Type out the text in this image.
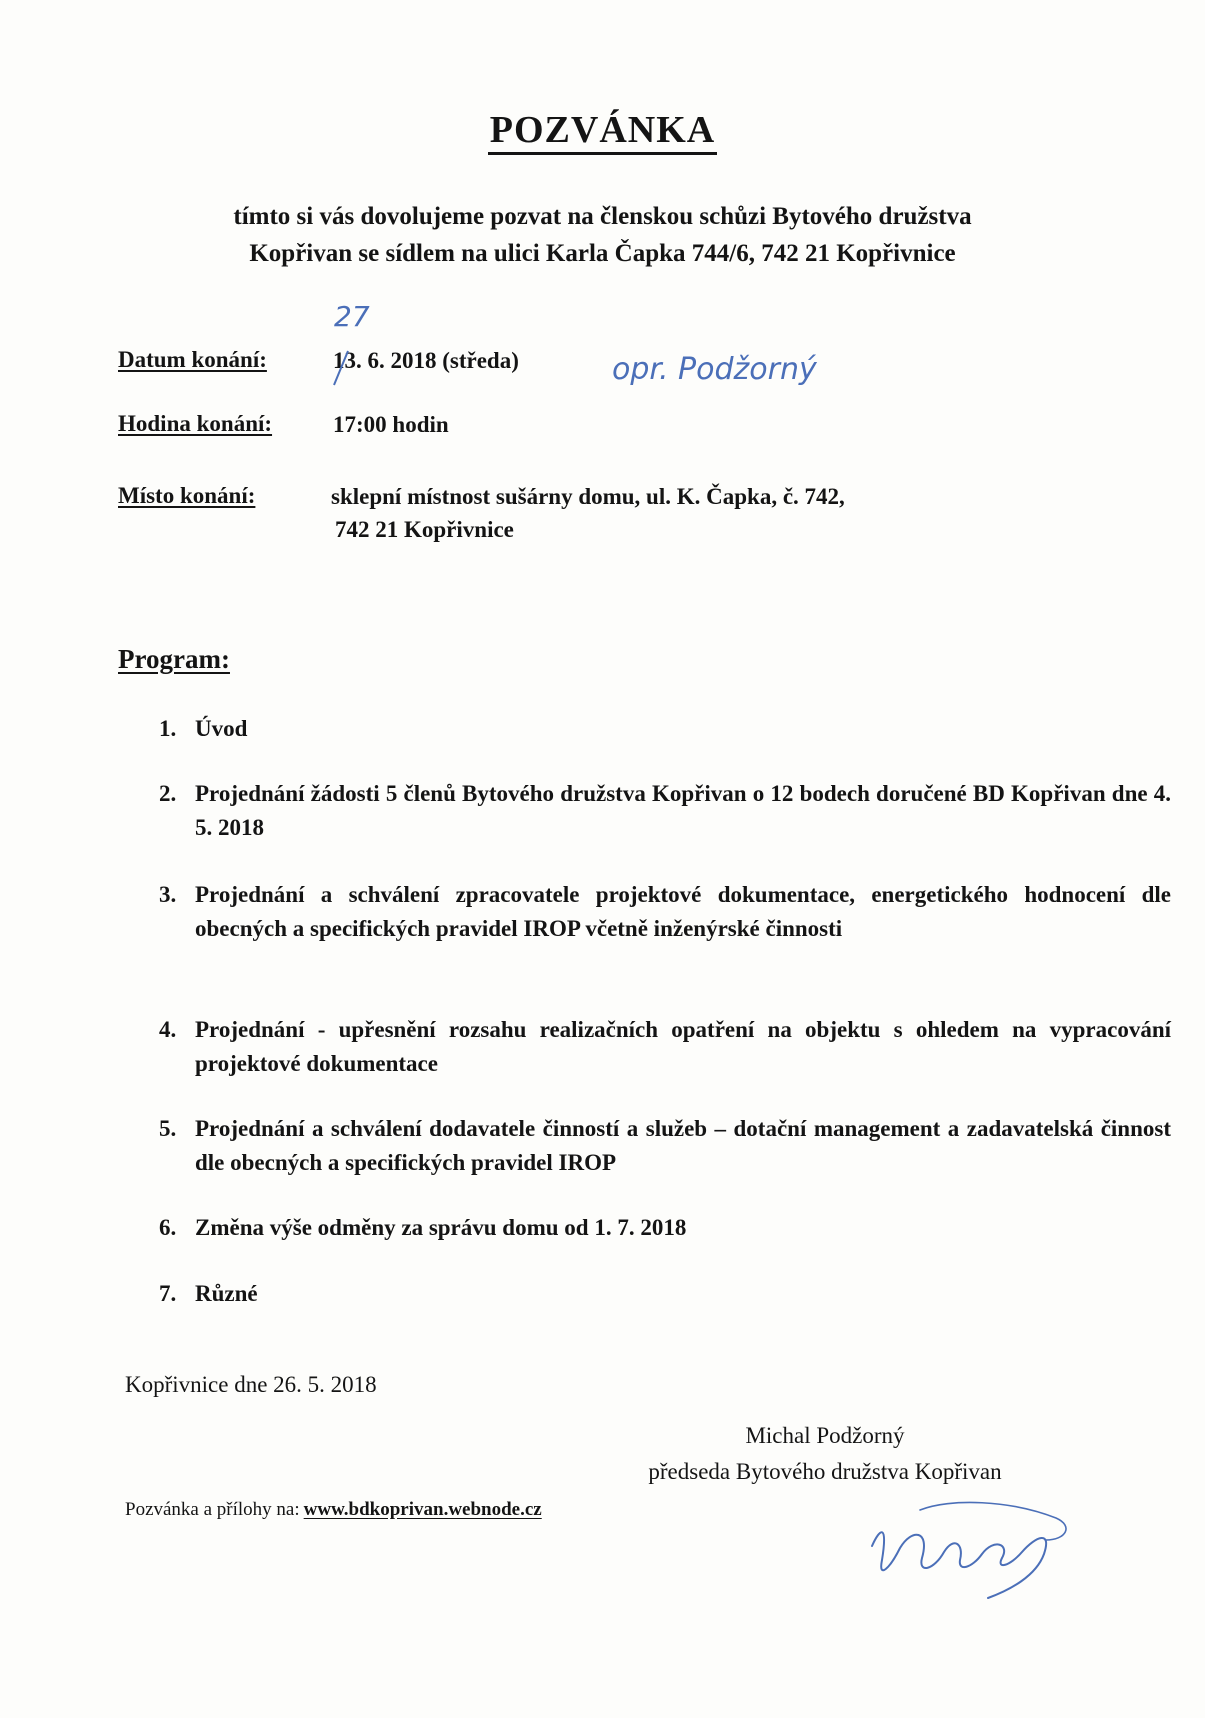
POZVÁNKA
tímto si vás dovolujeme pozvat na členskou schůzi Bytového družstva
Kopřivan se sídlem na ulici Karla Čapka 744/6, 742 21 Kopřivnice
Datum konání:	13. 6. 2018 (středa)
27
opr. Podžorný
Hodina konání:	17:00 hodin
Místo konání:	sklepní místnost sušárny domu, ul. K. Čapka, č. 742,
742 21 Kopřivnice
Program:
1. Úvod
2. Projednání žádosti 5 členů Bytového družstva Kopřivan o 12 bodech doručené BD Kopřivan dne 4. 5. 2018
3. Projednání a schválení zpracovatele projektové dokumentace, energetického hodnocení dle obecných a specifických pravidel IROP včetně inženýrské činnosti
4. Projednání - upřesnění rozsahu realizačních opatření na objektu s ohledem na vypracování projektové dokumentace
5. Projednání a schválení dodavatele činností a služeb – dotační management a zadavatelská činnost dle obecných a specifických pravidel IROP
6. Změna výše odměny za správu domu od 1. 7. 2018
7. Různé
Kopřivnice dne 26. 5. 2018
Michal Podžorný
předseda Bytového družstva Kopřivan
Pozvánka a přílohy na: www.bdkoprivan.webnode.cz
